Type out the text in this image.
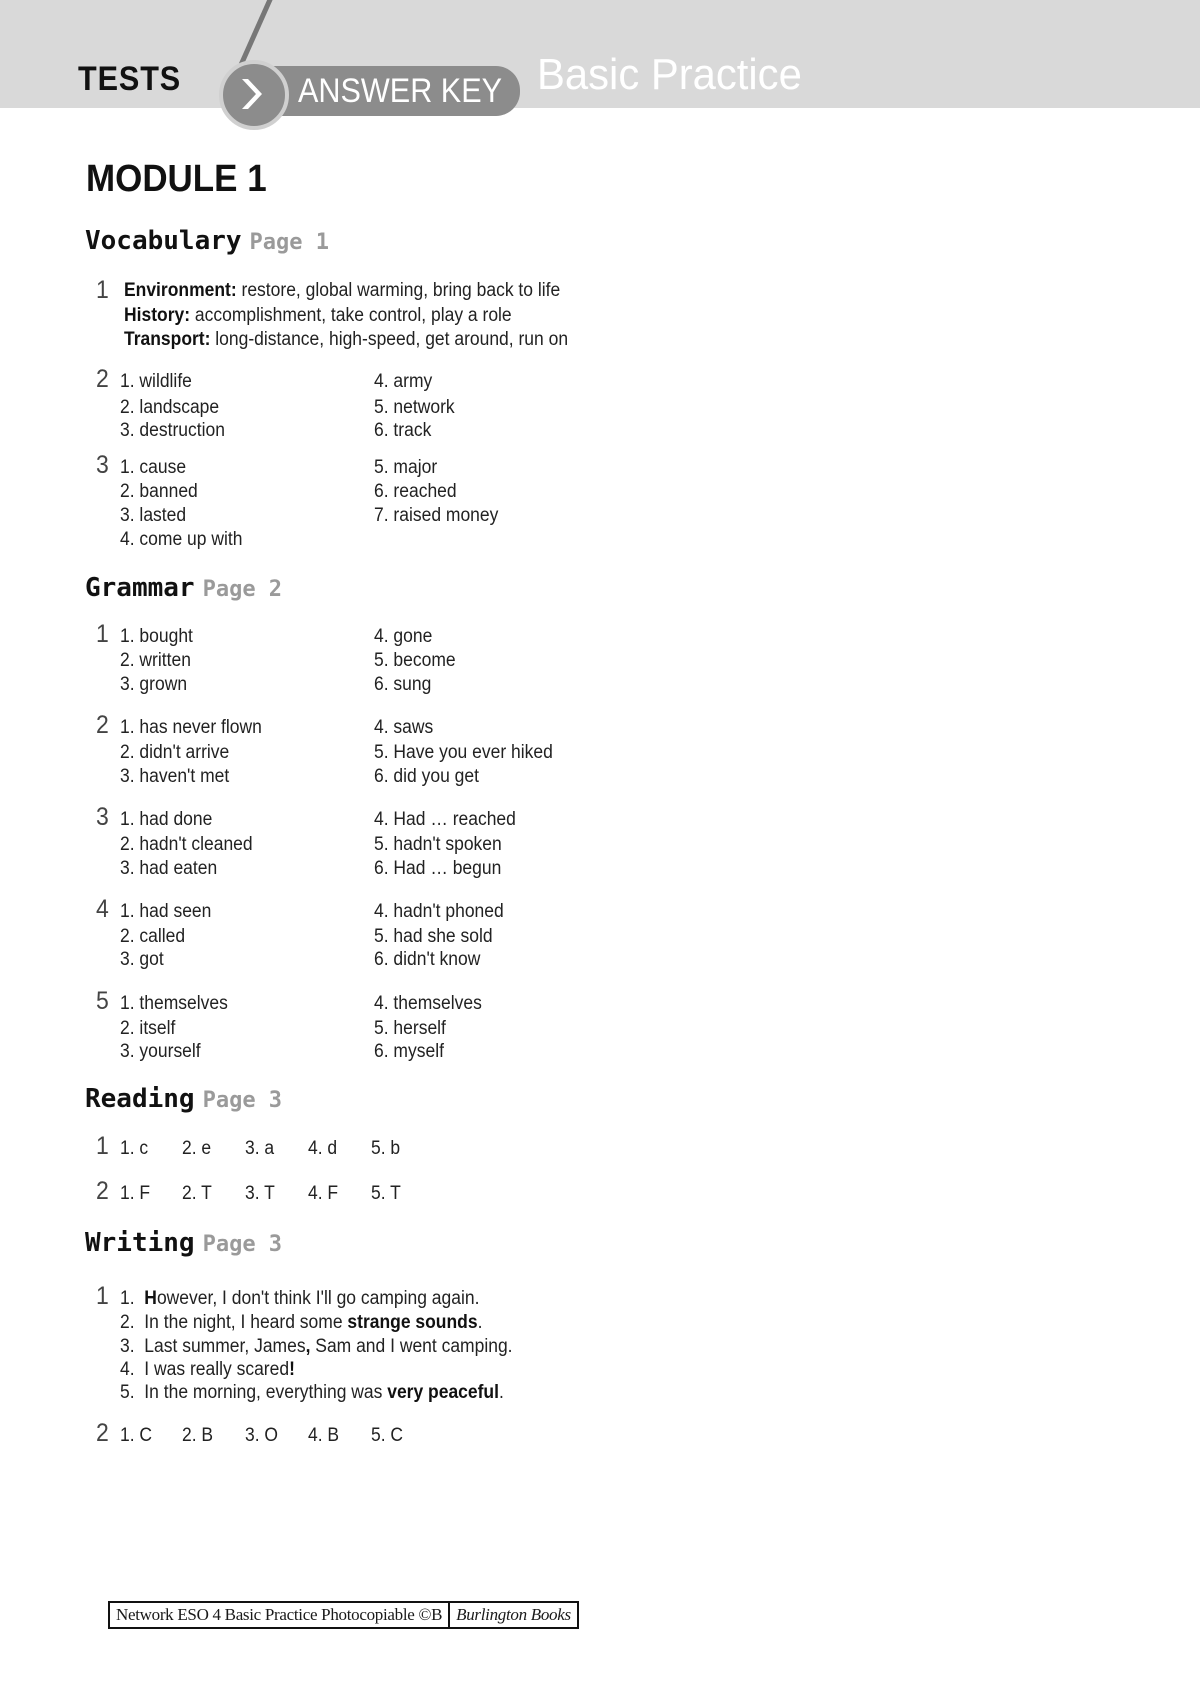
TESTS	ANSWER KEY Basic Practice
MODULE 1
Vocabulary Page 1
1 Environment: restore, global warming, bring back to life
History: accomplishment, take control, play a role
Transport: long-distance, high-speed, get around, run on
2 1. wildlife
2. landscape
3. destruction
4. army
5. network
6. track
3 1. cause
2. banned
3. lasted
4. come up with
5. major
6. reached
7. raised money
Grammar Page 2
1 1. bought
2. written
3. grown
4. gone
5. become
6. sung
2 1. has never flown
2. didn't arrive
3. haven't met
4. saws
5. Have you ever hiked
6. did you get
3 1. had done
2. hadn't cleaned
3. had eaten
4. Had … reached
5. hadn't spoken
6. Had … begun
4 1. had seen
2. called
3. got
4. hadn't phoned
5. had she sold
6. didn't know
5 1. themselves
2. itself
3. yourself
4. themselves
5. herself
6. myself
Reading Page 3
1 1. c 2. e 3. a 4. d 5. b
2 1. F 2. T 3. T 4. F 5. T
Writing Page 3
1 1. However, I don't think I'll go camping again.
2. In the night, I heard some strange sounds.
3. Last summer, James, Sam and I went camping.
4. I was really scared!
5. In the morning, everything was very peaceful.
2 1. C 2. B 3. O 4. B 5. C
Network ESO 4 Basic Practice Photocopiable ©B Burlington Books
